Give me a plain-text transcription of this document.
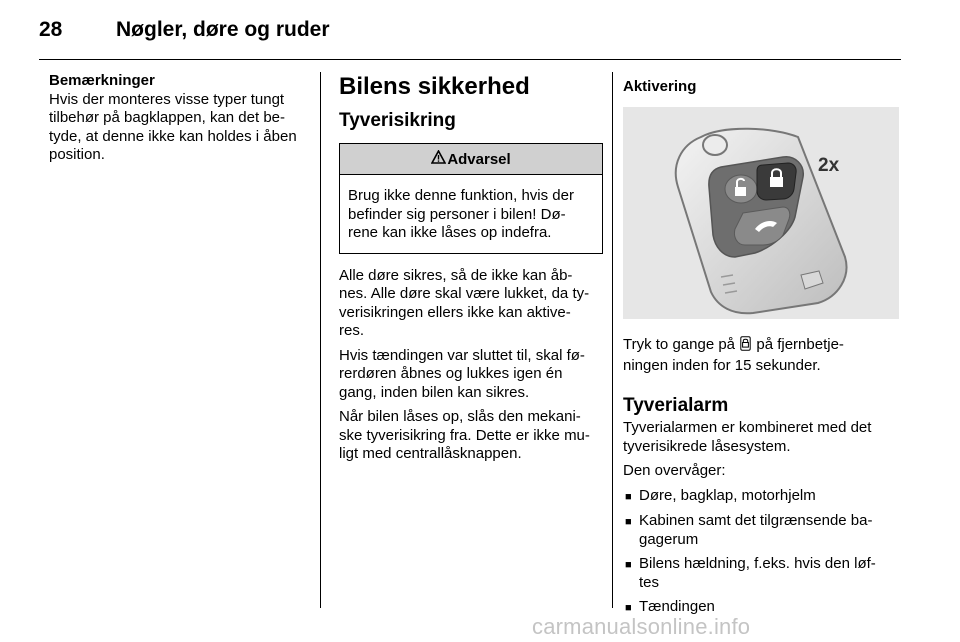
28	Nøgler, døre og ruder
Bemærkninger
Hvis der monteres visse typer tungt
tilbehør på bagklappen, kan det be-
tyde, at denne ikke kan holdes i åben
position.
Bilens sikkerhed
Tyverisikring
Advarsel
Brug ikke denne funktion, hvis der
befinder sig personer i bilen! Dø-
rene kan ikke låses op indefra.
Alle døre sikres, så de ikke kan åb-
nes. Alle døre skal være lukket, da ty-
verisikringen ellers ikke kan aktive-
res.
Hvis tændingen var sluttet til, skal fø-
rerdøren åbnes og lukkes igen én
gang, inden bilen kan sikres.
Når bilen låses op, slås den mekani-
ske tyverisikring fra. Dette er ikke mu-
ligt med centrallåsknappen.
Aktivering
2x
Tryk to gange på på fjernbetje-
ningen inden for 15 sekunder.
Tyverialarm
Tyverialarmen er kombineret med det
tyverisikrede låsesystem.
Den overvåger:
■ Døre, bagklap, motorhjelm
■ Kabinen samt det tilgrænsende ba-
gagerum
■ Bilens hældning, f.eks. hvis den løf-
tes
■ Tændingen
carmanualsonline.info
